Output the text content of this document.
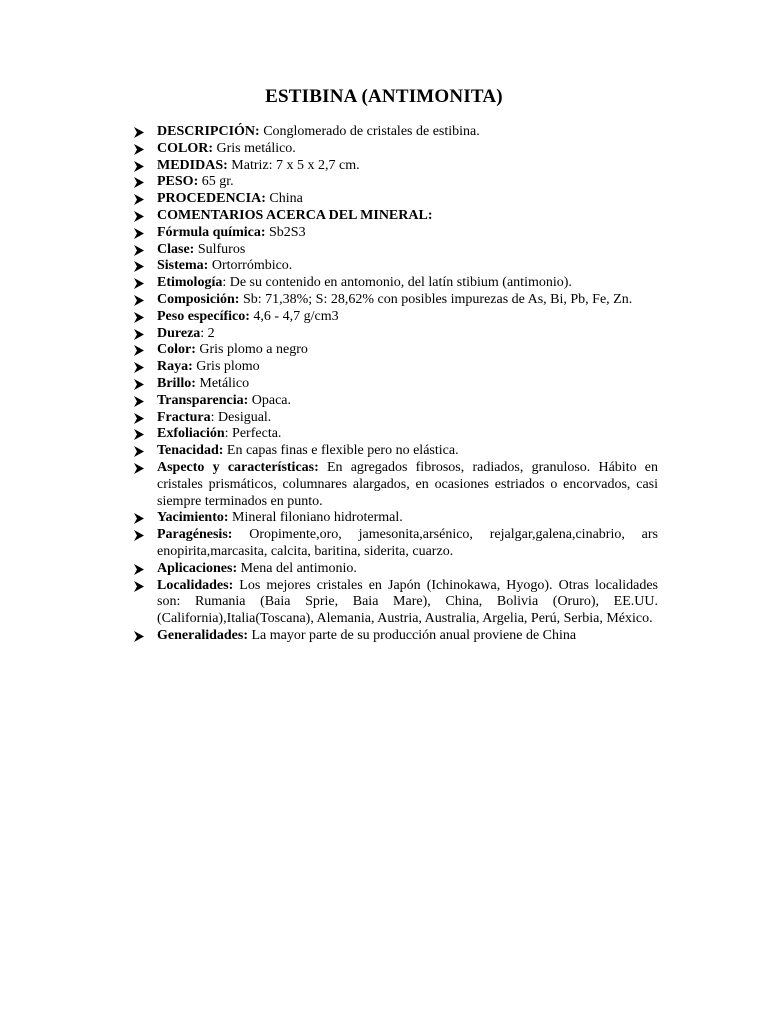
ESTIBINA (ANTIMONITA)
DESCRIPCIÓN: Conglomerado de cristales de estibina.
COLOR: Gris metálico.
MEDIDAS: Matriz: 7 x 5 x 2,7 cm.
PESO: 65 gr.
PROCEDENCIA: China
COMENTARIOS ACERCA DEL MINERAL:
Fórmula química: Sb2S3
Clase: Sulfuros
Sistema: Ortorrómbico.
Etimología: De su contenido en antomonio, del latín stibium (antimonio).
Composición: Sb: 71,38%; S: 28,62% con posibles impurezas de As, Bi, Pb, Fe, Zn.
Peso específico: 4,6 - 4,7 g/cm3
Dureza: 2
Color: Gris plomo a negro
Raya: Gris plomo
Brillo: Metálico
Transparencia: Opaca.
Fractura: Desigual.
Exfoliación: Perfecta.
Tenacidad: En capas finas e flexible pero no elástica.
Aspecto y características: En agregados fibrosos, radiados, granuloso. Hábito en cristales prismáticos, columnares alargados, en ocasiones estriados o encorvados, casi siempre terminados en punto.
Yacimiento: Mineral filoniano hidrotermal.
Paragénesis: Oropimente,oro, jamesonita,arsénico, rejalgar,galena,cinabrio, ars enopirita,marcasita, calcita, baritina, siderita, cuarzo.
Aplicaciones: Mena del antimonio.
Localidades: Los mejores cristales en Japón (Ichinokawa, Hyogo). Otras localidades son: Rumania (Baia Sprie, Baia Mare), China, Bolivia (Oruro), EE.UU.(California),Italia(Toscana), Alemania, Austria, Australia, Argelia, Perú, Serbia, México.
Generalidades: La mayor parte de su producción anual proviene de China
